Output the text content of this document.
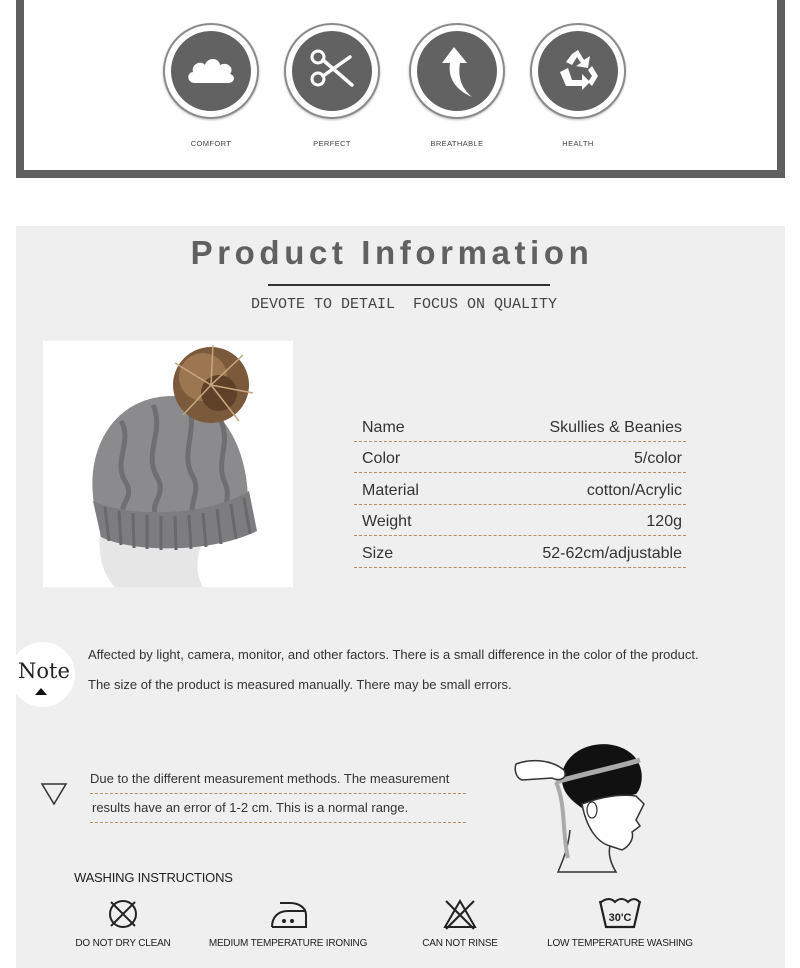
COMFORT	PERFECT	BREATHABLE	HEALTH
Product Information
DEVOTE TO DETAIL  FOCUS ON QUALITY
Name	Skullies & Beanies
Color	5/color
Material	cotton/Acrylic
Weight	120g
Size	52-62cm/adjustable
Note
Affected by light, camera, monitor, and other factors. There is a small difference in the color of the product.
The size of the product is measured manually. There may be small errors.
Due to the different measurement methods. The measurement
results have an error of 1-2 cm. This is a normal range.
WASHING INSTRUCTIONS
DO NOT DRY CLEAN	MEDIUM TEMPERATURE IRONING	CAN NOT RINSE
30'C
LOW TEMPERATURE WASHING
